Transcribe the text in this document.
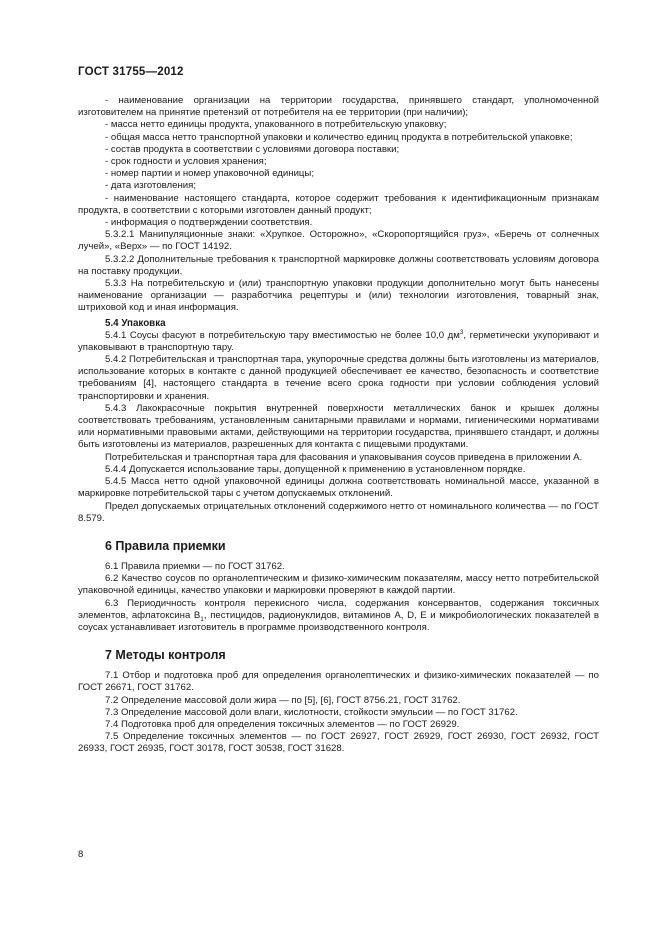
ГОСТ 31755—2012

- наименование организации на территории государства, принявшего стандарт, уполномоченной изготовителем на принятие претензий от потребителя на ее территории (при наличии);

- масса нетто единицы продукта, упакованного в потребительскую упаковку;

- общая масса нетто транспортной упаковки и количество единиц продукта в потребительской упаковке;

- состав продукта в соответствии с условиями договора поставки;

- срок годности и условия хранения;

- номер партии и номер упаковочной единицы;

- дата изготовления;

- наименование настоящего стандарта, которое содержит требования к идентификационным признакам продукта, в соответствии с которыми изготовлен данный продукт;

- информация о подтверждении соответствия.

5.3.2.1 Манипуляционные знаки: «Хрупкое. Осторожно», «Скоропортящийся груз», «Беречь от солнечных лучей», «Верх» — по ГОСТ 14192.

5.3.2.2 Дополнительные требования к транспортной маркировке должны соответствовать условиям договора на поставку продукции.

5.3.3 На потребительскую и (или) транспортную упаковки продукции дополнительно могут быть нанесены наименование организации — разработчика рецептуры и (или) технологии изготовления, товарный знак, штриховой код и иная информация.

5.4 Упаковка

5.4.1 Соусы фасуют в потребительскую тару вместимостью не более 10,0 $дм^3$, герметически укупоривают и упаковывают в транспортную тару.

5.4.2 Потребительская и транспортная тара, укупорочные средства должны быть изготовлены из материалов, использование которых в контакте с данной продукцией обеспечивает ее качество, безопасность и соответствие требованиям [4], настоящего стандарта в течение всего срока годности при условии соблюдения условий транспортировки и хранения.

5.4.3 Лакокрасочные покрытия внутренней поверхности металлических банок и крышек должны соответствовать требованиям, установленным санитарными правилами и нормами, гигиеническими нормативами или нормативными правовыми актами, действующими на территории государства, принявшего стандарт, и должны быть изготовлены из материалов, разрешенных для контакта с пищевыми продуктами.

Потребительская и транспортная тара для фасования и упаковывания соусов приведена в приложении А.

5.4.4 Допускается использование тары, допущенной к применению в установленном порядке.

5.4.5 Масса нетто одной упаковочной единицы должна соответствовать номинальной массе, указанной в маркировке потребительской тары с учетом допускаемых отклонений.

Предел допускаемых отрицательных отклонений содержимого нетто от номинального количества — по ГОСТ 8.579.

6 Правила приемки

6.1 Правила приемки — по ГОСТ 31762.

6.2 Качество соусов по органолептическим и физико-химическим показателям, массу нетто потребительской упаковочной единицы, качество упаковки и маркировки проверяют в каждой партии.

6.3 Периодичность контроля перекисного числа, содержания консервантов, содержания токсичных элементов, афлатоксина $B_1$, пестицидов, радионуклидов, витаминов A, D, E и микробиологических показателей в соусах устанавливает изготовитель в программе производственного контроля.

7 Методы контроля

7.1 Отбор и подготовка проб для определения органолептических и физико-химических показателей — по ГОСТ 26671, ГОСТ 31762.

7.2 Определение массовой доли жира — по [5], [6], ГОСТ 8756.21, ГОСТ 31762.

7.3 Определение массовой доли влаги, кислотности, стойкости эмульсии — по ГОСТ 31762.

7.4 Подготовка проб для определения токсичных элементов — по ГОСТ 26929.

7.5 Определение токсичных элементов — по ГОСТ 26927, ГОСТ 26929, ГОСТ 26930, ГОСТ 26932, ГОСТ 26933, ГОСТ 26935, ГОСТ 30178, ГОСТ 30538, ГОСТ 31628.

8
